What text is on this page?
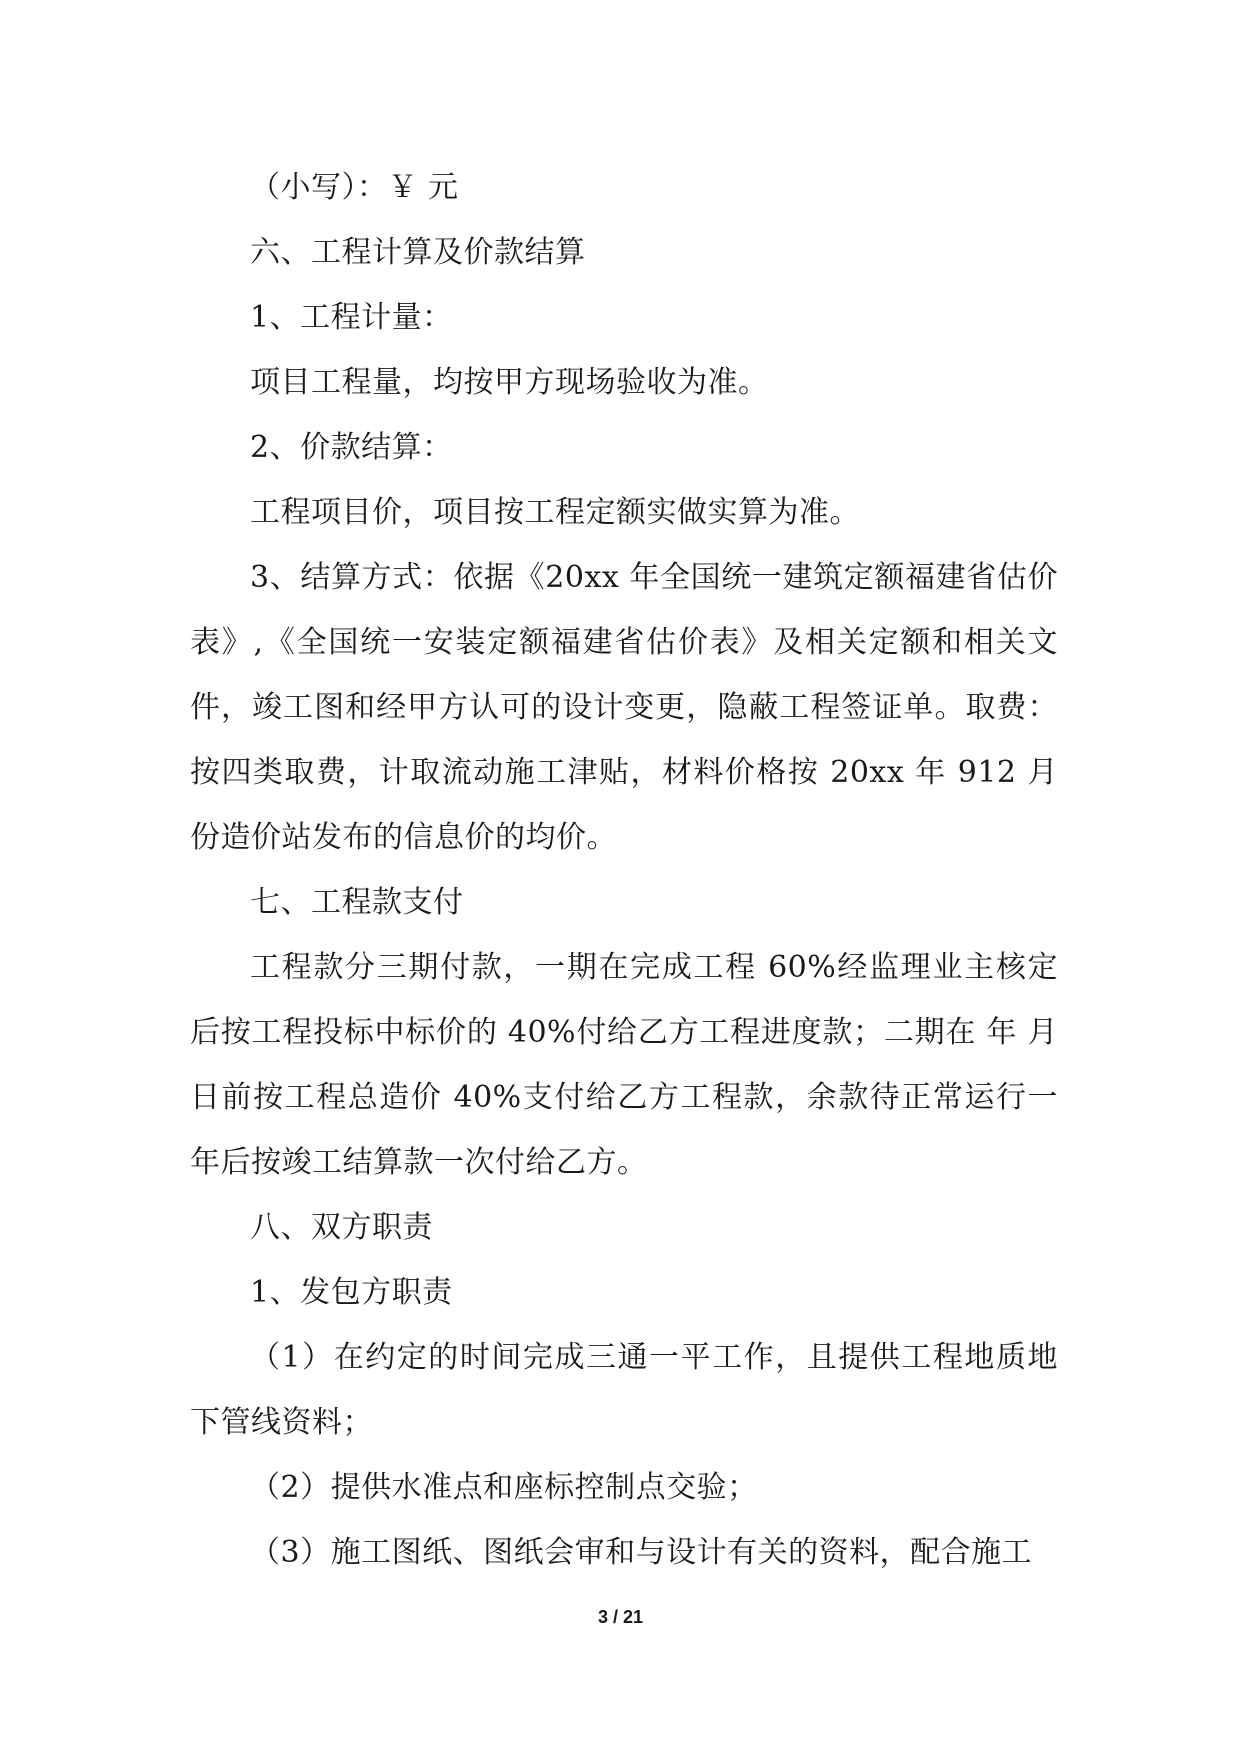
（小写）：￥ 元

六、工程计算及价款结算

1、工程计量：

项目工程量，均按甲方现场验收为准。

2、价款结算：

工程项目价，项目按工程定额实做实算为准。

3、结算方式：依据《20xx 年全国统一建筑定额福建省估价表》,《全国统一安装定额福建省估价表》及相关定额和相关文件，竣工图和经甲方认可的设计变更，隐蔽工程签证单。取费：按四类取费，计取流动施工津贴，材料价格按 20xx 年 912 月份造价站发布的信息价的均价。

七、工程款支付

工程款分三期付款，一期在完成工程 60%经监理业主核定后按工程投标中标价的 40%付给乙方工程进度款；二期在 年 月 日前按工程总造价 40%支付给乙方工程款，余款待正常运行一年后按竣工结算款一次付给乙方。

八、双方职责

1、发包方职责

（1）在约定的时间完成三通一平工作，且提供工程地质地下管线资料；

（2）提供水准点和座标控制点交验；

（3）施工图纸、图纸会审和与设计有关的资料，配合施工

3 / 21
